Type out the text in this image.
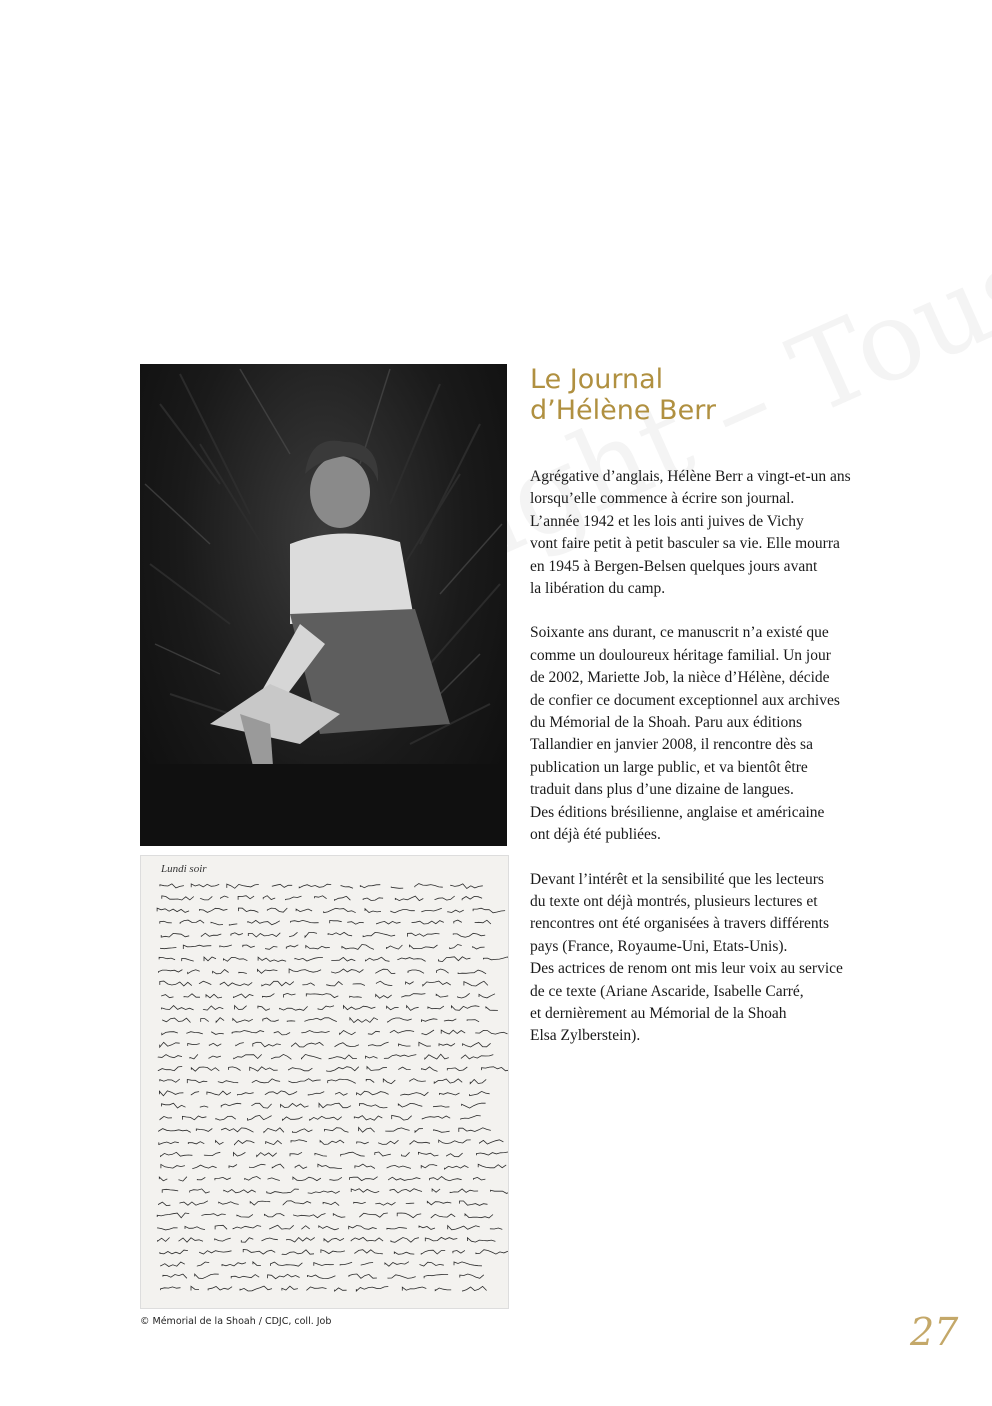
Lundi soir
© Mémorial de la Shoah / CDJC, coll. Job
Le Journal
d’Hélène Berr

Agrégative d’anglais, Hélène Berr a vingt-et-un ans
lorsqu’elle commence à écrire son journal.
L’année 1942 et les lois anti juives de Vichy
vont faire petit à petit basculer sa vie. Elle mourra
en 1945 à Bergen-Belsen quelques jours avant
la libération du camp.

Soixante ans durant, ce manuscrit n’a existé que
comme un douloureux héritage familial. Un jour
de 2002, Mariette Job, la nièce d’Hélène, décide
de confier ce document exceptionnel aux archives
du Mémorial de la Shoah. Paru aux éditions
Tallandier en janvier 2008, il rencontre dès sa
publication un large public, et va bientôt être
traduit dans plus d’une dizaine de langues.
Des éditions brésilienne, anglaise et américaine
ont déjà été publiées.

Devant l’intérêt et la sensibilité que les lecteurs
du texte ont déjà montrés, plusieurs lectures et
rencontres ont été organisées à travers différents
pays (France, Royaume-Uni, Etats-Unis).
Des actrices de renom ont mis leur voix au service
de ce texte (Ariane Ascaride, Isabelle Carré,
et dernièrement au Mémorial de la Shoah
Elsa Zylberstein).

27
